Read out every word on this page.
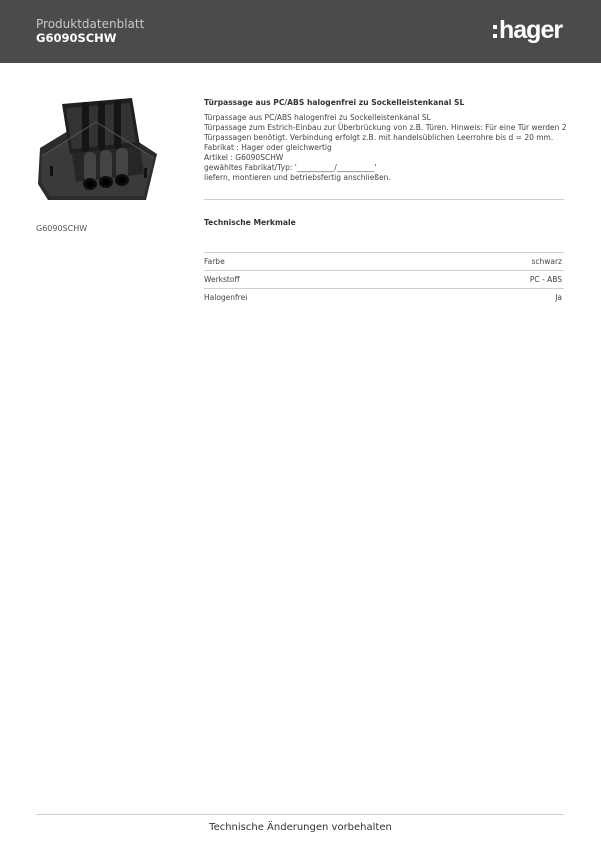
Produktdatenblatt
G6090SCHW	hager
G6090SCHW
Türpassage aus PC/ABS halogenfrei zu Sockelleistenkanal SL
Türpassage aus PC/ABS halogenfrei zu Sockelleistenkanal SL
Türpassage zum Estrich-Einbau zur Überbrückung von z.B. Türen. Hinweis: Für eine Tür werden 2
Türpassagen benötigt. Verbindung erfolgt z.B. mit handelsüblichen Leerrohre bis d = 20 mm.
Fabrikat : Hager oder gleichwertig
Artikel : G6090SCHW
gewähltes Fabrikat/Typ: '__________/__________'
liefern, montieren und betriebsfertig anschließen.
Technische Merkmale
Farbe	schwarz
Werkstoff	PC - ABS
Halogenfrei	Ja
Technische Änderungen vorbehalten
